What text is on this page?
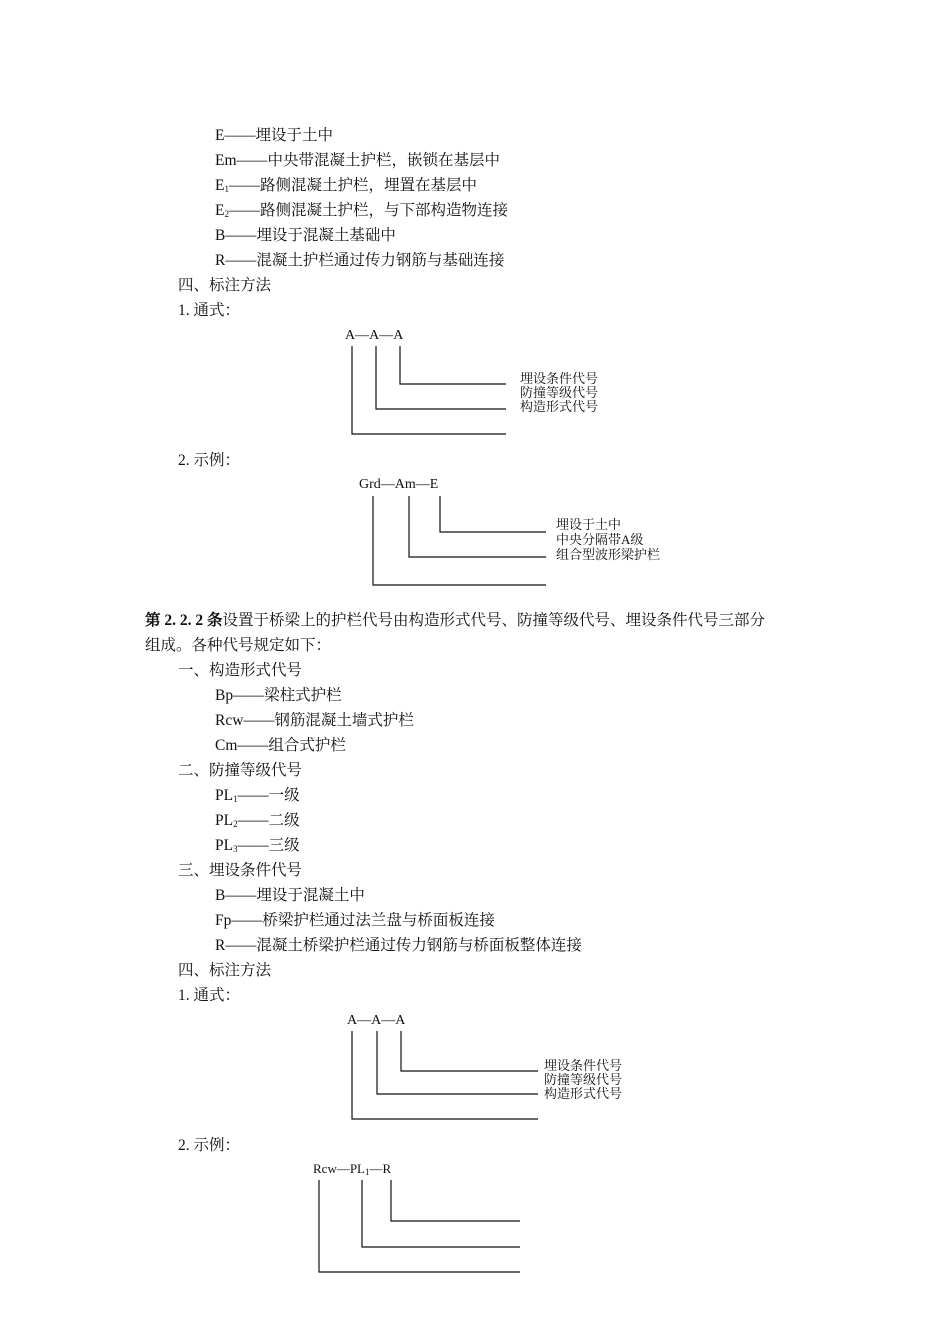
E——埋设于土中
Em——中央带混凝土护栏，嵌锁在基层中
$E_1——$路侧混凝土护栏，埋置在基层中
$E_2——$路侧混凝土护栏，与下部构造物连接
B——埋设于混凝土基础中
R——混凝土护栏通过传力钢筋与基础连接
四、标注方法
1. 通式：
A—A—A
埋设条件代号
防撞等级代号
构造形式代号
2. 示例：
Grd—Am—E
埋设于土中
中央分隔带A级
组合型波形梁护栏
第 2. 2. 2 条设置于桥梁上的护栏代号由构造形式代号、防撞等级代号、埋设条件代号三部分
组成。各种代号规定如下：
一、构造形式代号
Bp——梁柱式护栏
Rcw——钢筋混凝土墙式护栏
Cm——组合式护栏
二、防撞等级代号
$PL_1——$一级
$PL_2——$二级
$PL_3——$三级
三、埋设条件代号
B——埋设于混凝土中
Fp——桥梁护栏通过法兰盘与桥面板连接
R——混凝土桥梁护栏通过传力钢筋与桥面板整体连接
四、标注方法
1. 通式：
A—A—A
埋设条件代号
防撞等级代号
构造形式代号
2. 示例：
$Rcw—PL_1—R$
